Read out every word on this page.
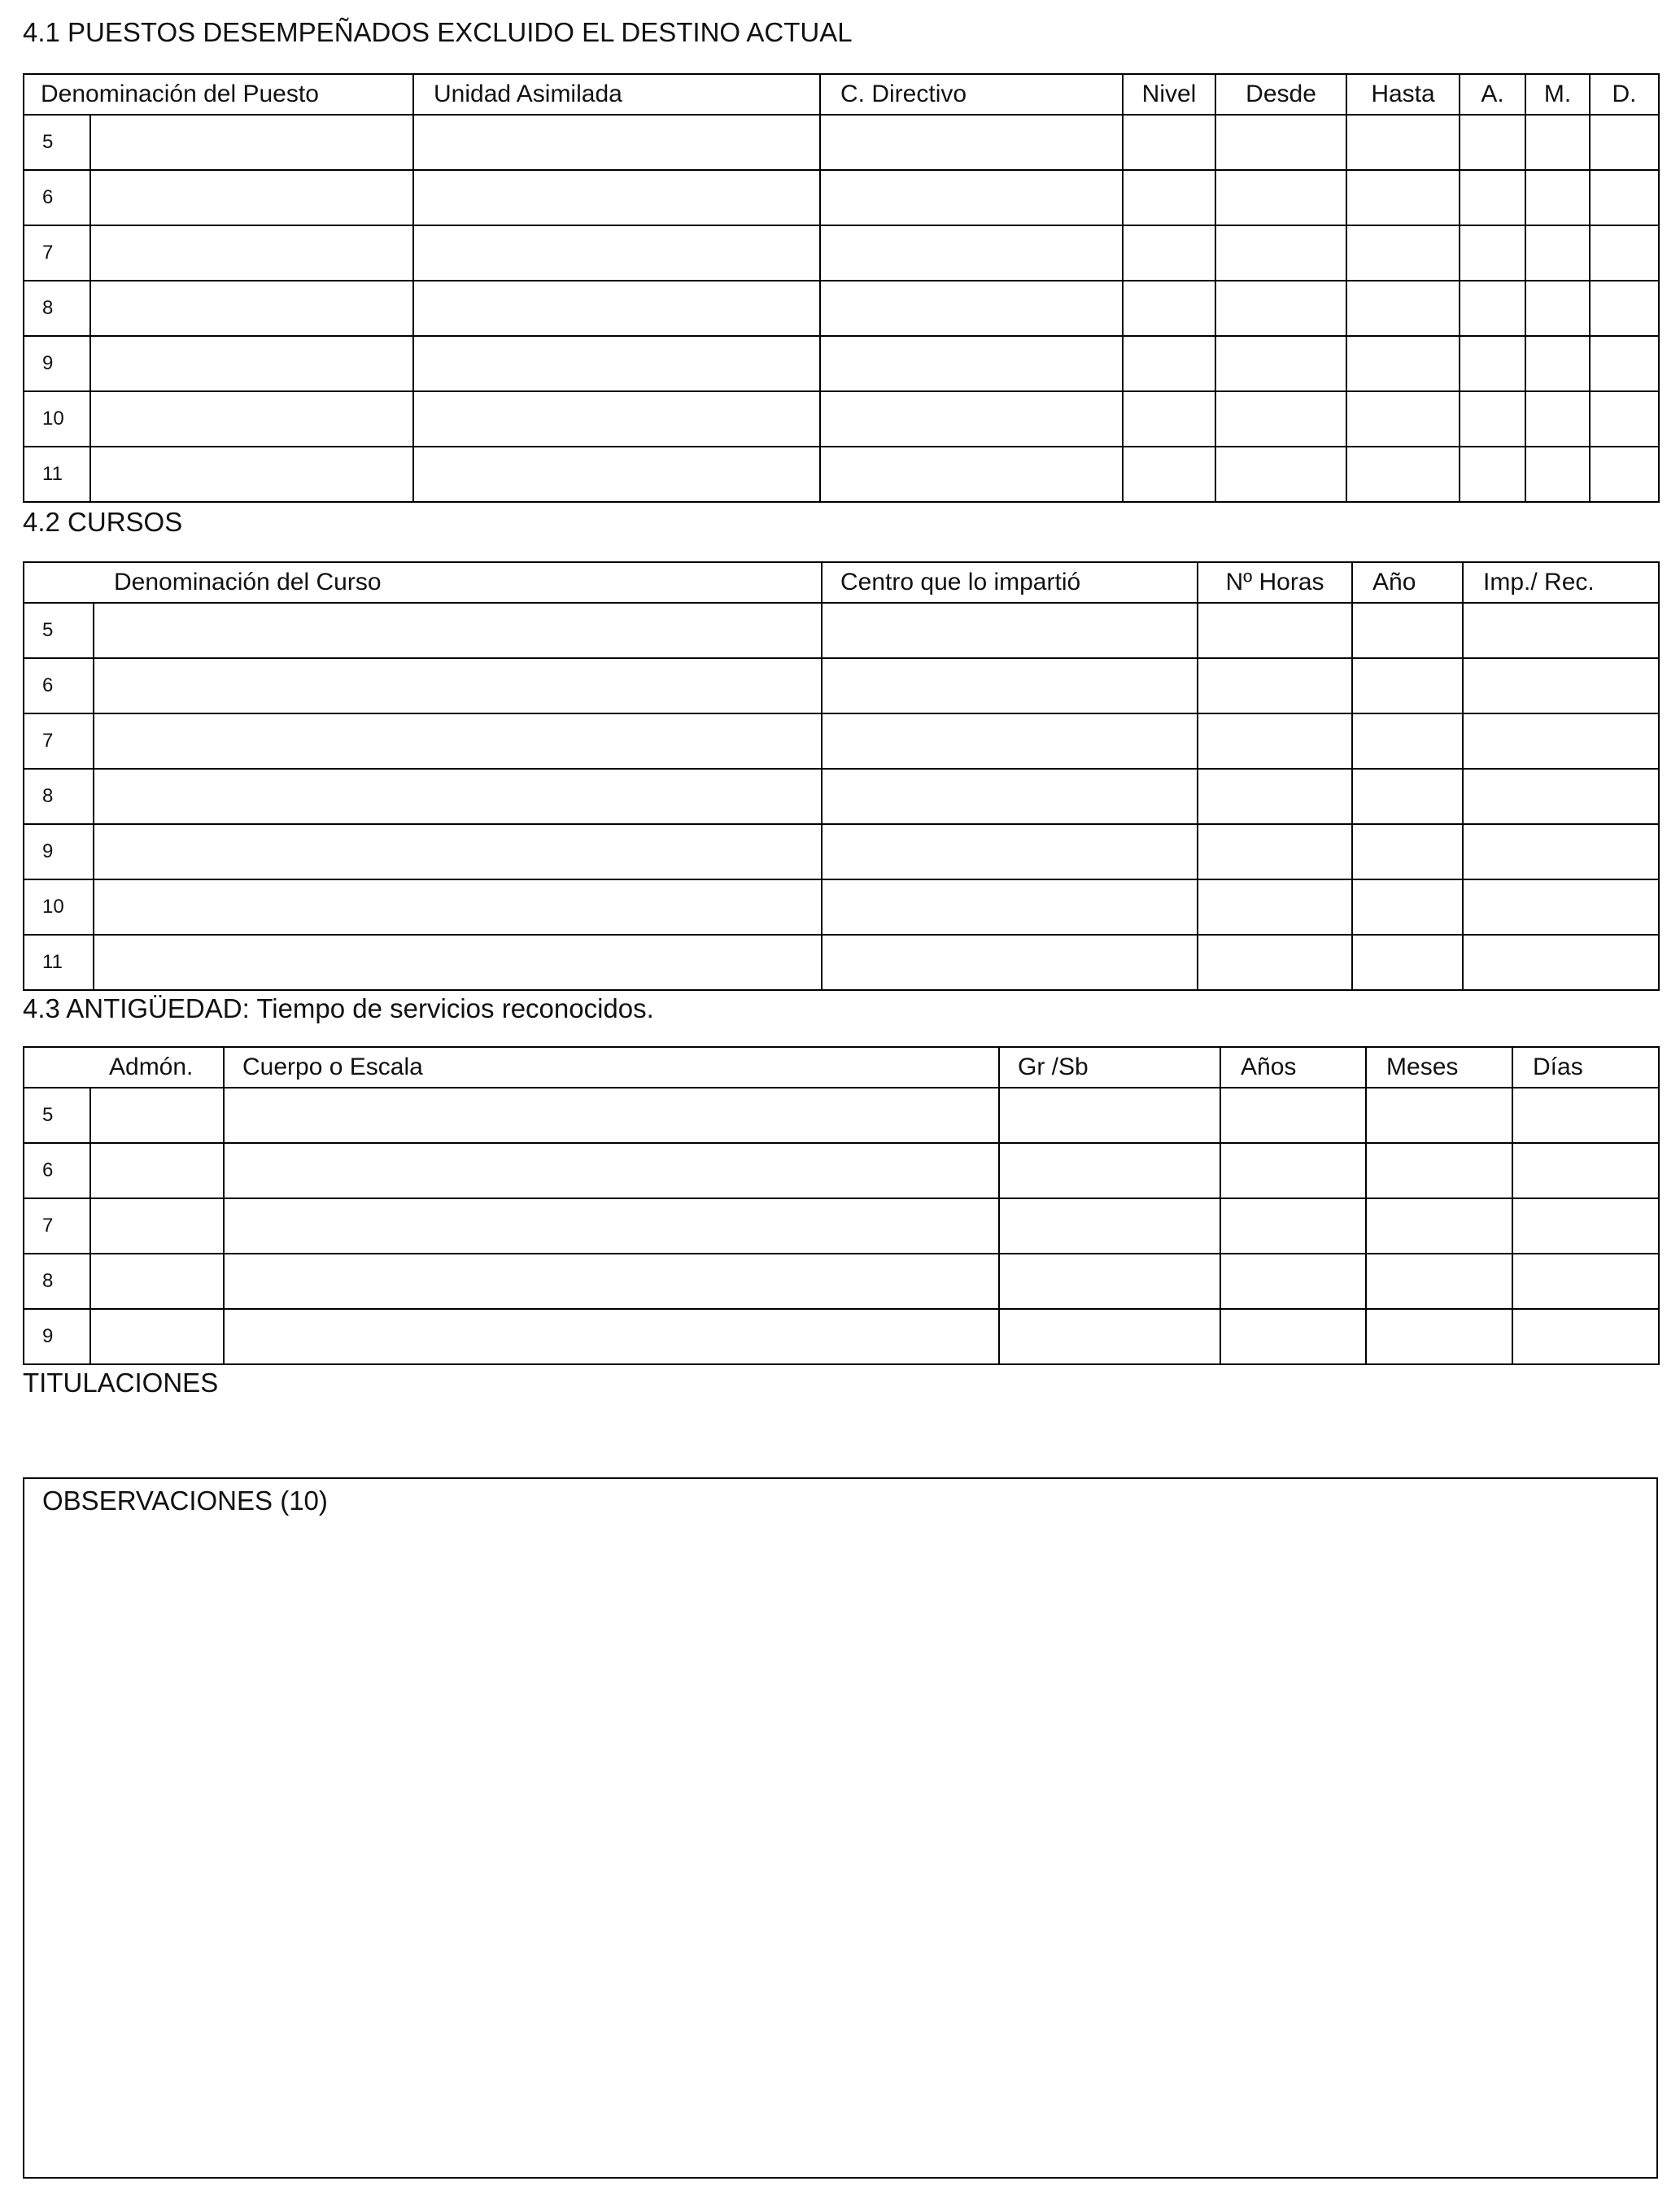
4.1 PUESTOS DESEMPEÑADOS EXCLUIDO EL DESTINO ACTUAL
Denominación del Puesto		Unidad Asimilada	C. Directivo	Nivel	Desde	Hasta	A.	M.	D.
5									
6									
7									
8									
9									
10									
11									
4.2 CURSOS
Denominación del Curso		Centro que lo impartió	Nº Horas	Año	Imp./ Rec.
5					
6					
7					
8					
9					
10					
11					
4.3 ANTIGÜEDAD: Tiempo de servicios reconocidos.
Admón.		Cuerpo o Escala	Gr /Sb	Años	Meses	Días
5						
6						
7						
8						
9						
TITULACIONES
OBSERVACIONES (10)
